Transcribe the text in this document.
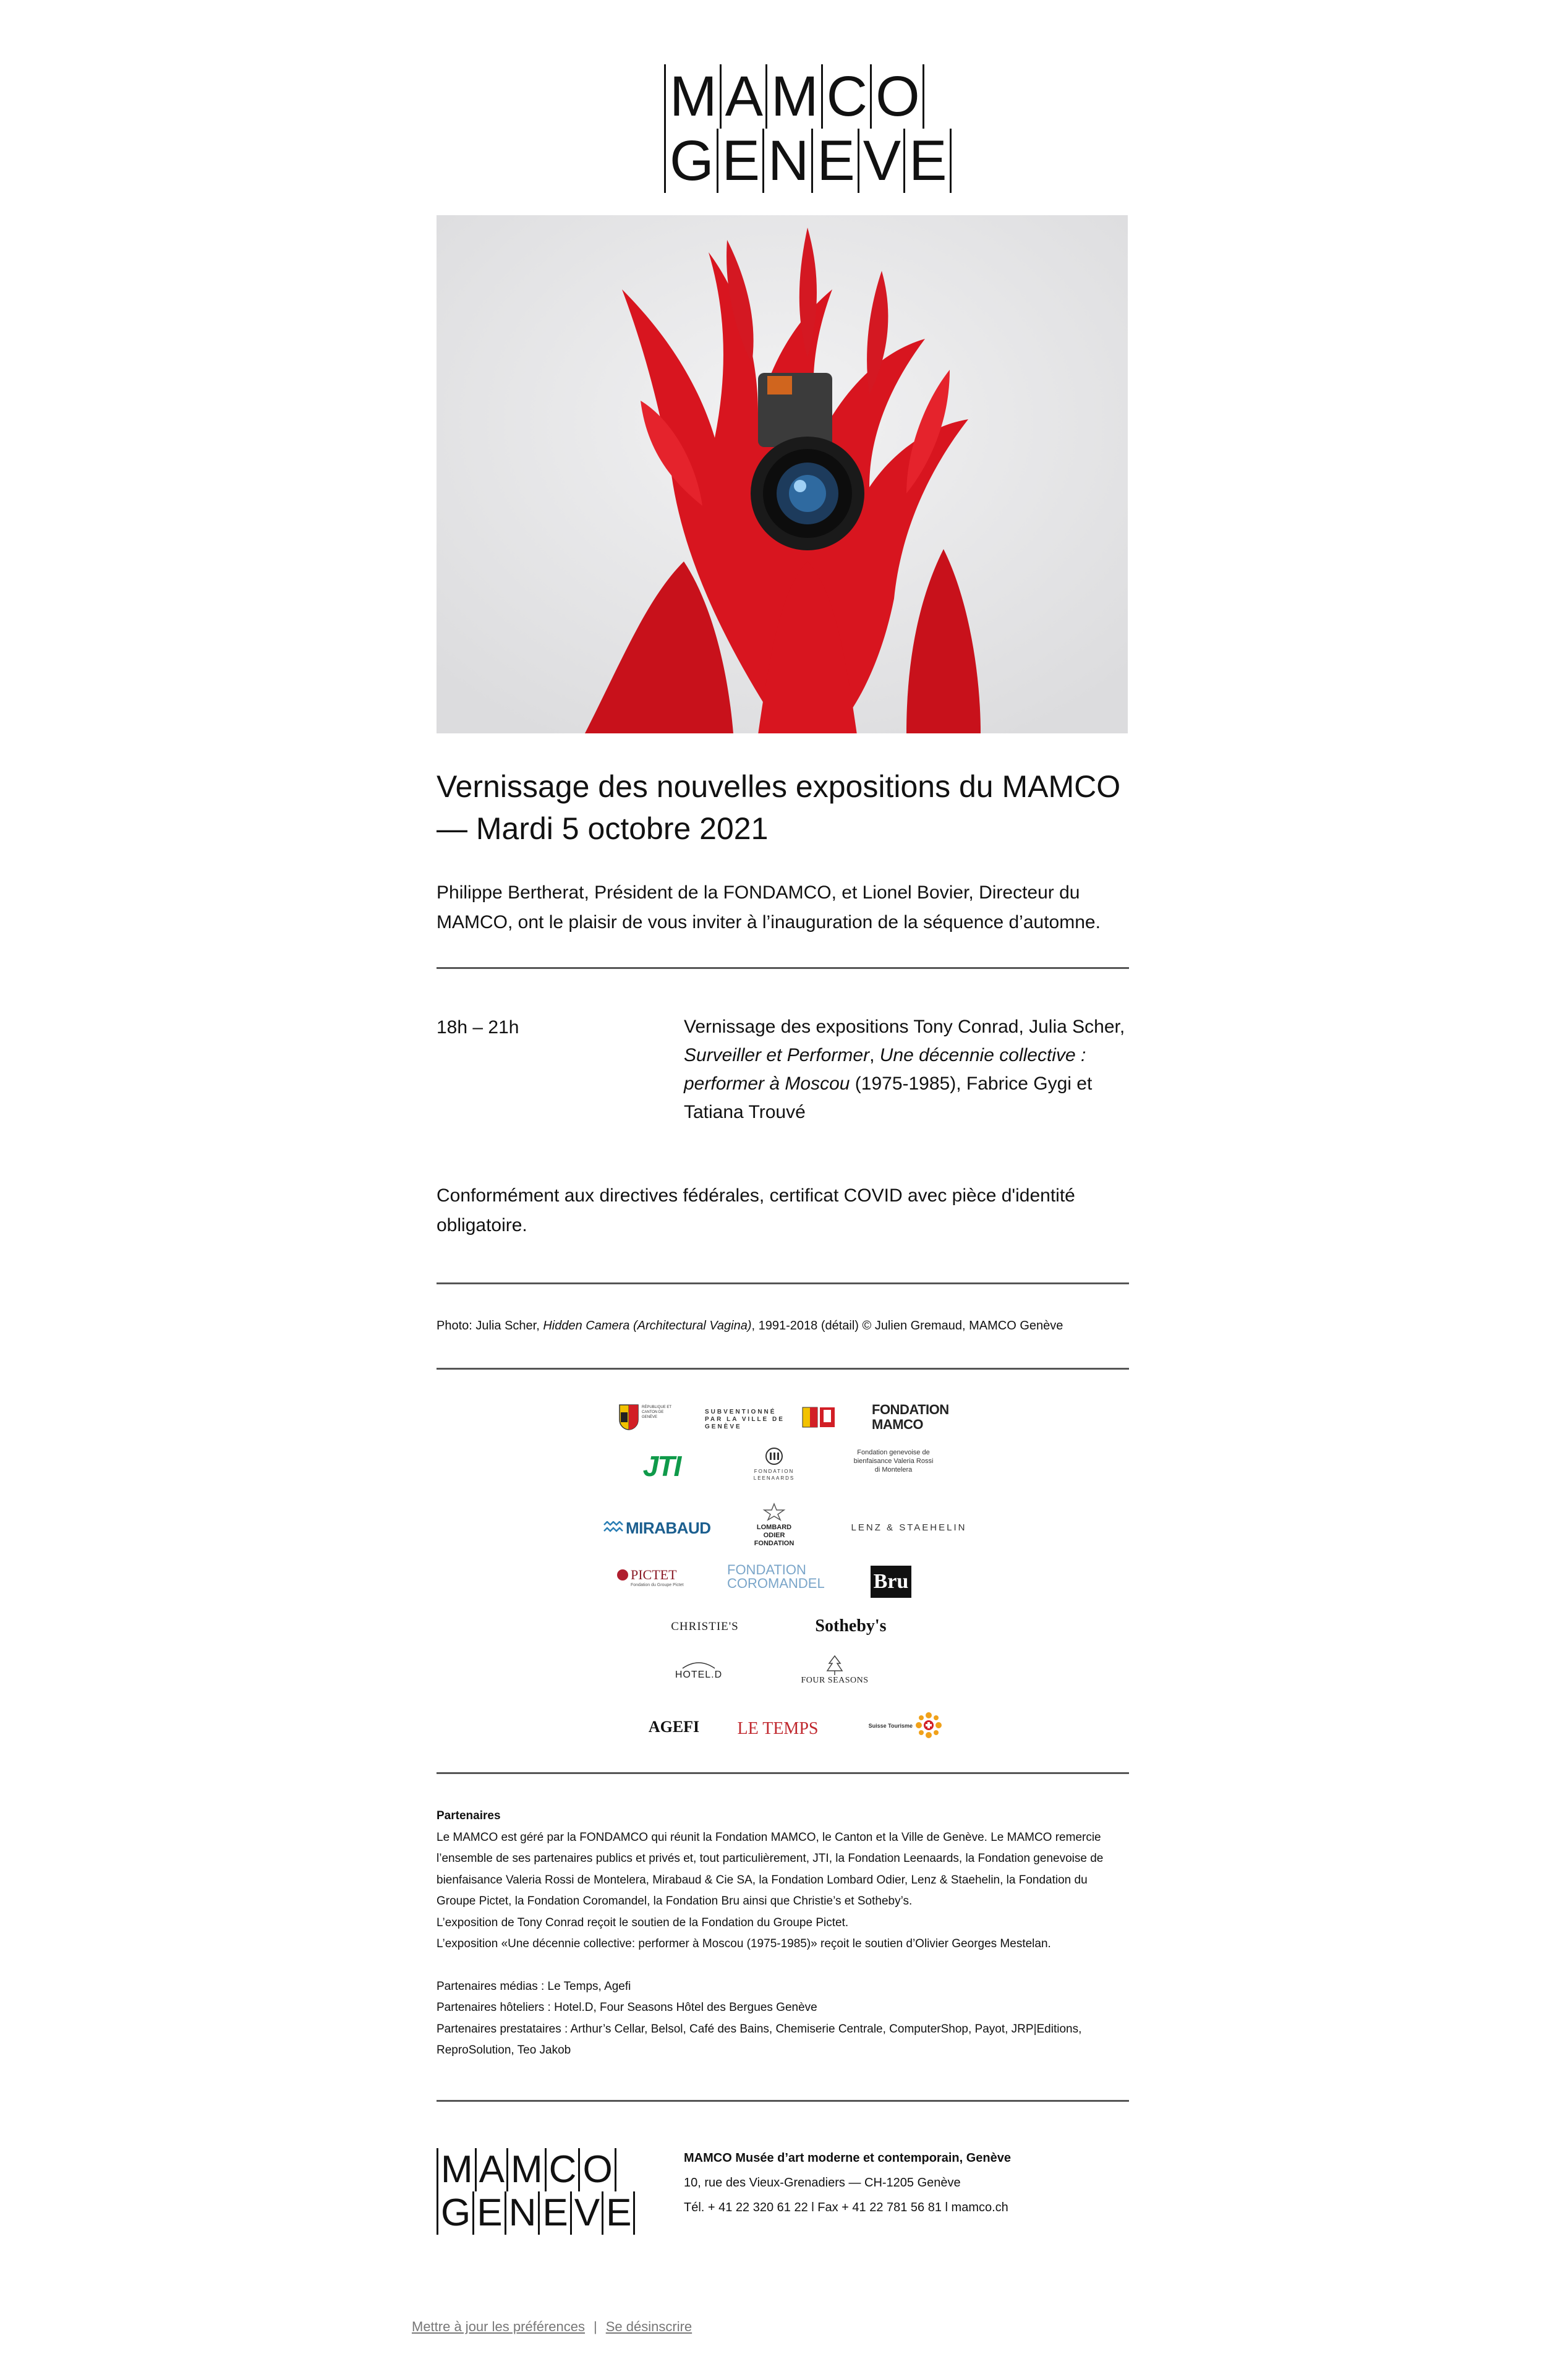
M A M C O
G E N E V E
Vernissage des nouvelles expositions du MAMCO — Mardi 5 octobre 2021
Philippe Bertherat, Président de la FONDAMCO, et Lionel Bovier, Directeur du MAMCO, ont le plaisir de vous inviter à l’inauguration de la séquence d’automne.
18h – 21h	Vernissage des expositions Tony Conrad, Julia Scher, Surveiller et Performer, Une décennie collective : performer à Moscou (1975-1985), Fabrice Gygi et Tatiana Trouvé
Conformément aux directives fédérales, certificat COVID avec pièce d'identité obligatoire.
Photo: Julia Scher, Hidden Camera (Architectural Vagina), 1991-2018 (détail) © Julien Gremaud, MAMCO Genève
RÉPUBLIQUE ET CANTON DE GENÈVE
SUBVENTIONNÉ PAR LA VILLE DE GENÈVE
FONDATION MAMCO
JTI	FONDATION LEENAARDS
Fondation genevoise de bienfaisance Valeria Rossi di Montelera
MIRABAUD	LOMBARD ODIER FONDATION
LENZ & STAEHELIN
PICTET
Fondation du Groupe Pictet
FONDATION COROMANDEL Bru
CHRISTIE'S	Sotheby's
HOTEL.D
FOUR SEASONS
AGEFI	LE TEMPS	Suisse Tourisme
Partenaires
Le MAMCO est géré par la FONDAMCO qui réunit la Fondation MAMCO, le Canton et la Ville de Genève. Le MAMCO remercie l’ensemble de ses partenaires publics et privés et, tout particulièrement, JTI, la Fondation Leenaards, la Fondation genevoise de bienfaisance Valeria Rossi de Montelera, Mirabaud & Cie SA, la Fondation Lombard Odier, Lenz & Staehelin, la Fondation du Groupe Pictet, la Fondation Coromandel, la Fondation Bru ainsi que Christie’s et Sotheby’s.
L’exposition de Tony Conrad reçoit le soutien de la Fondation du Groupe Pictet.
L’exposition «Une décennie collective: performer à Moscou (1975-1985)» reçoit le soutien d’Olivier Georges Mestelan.
Partenaires médias : Le Temps, Agefi
Partenaires hôteliers : Hotel.D, Four Seasons Hôtel des Bergues Genève
Partenaires prestataires : Arthur’s Cellar, Belsol, Café des Bains, Chemiserie Centrale, ComputerShop, Payot, JRP|Editions, ReproSolution, Teo Jakob
M A M C O
G E N E V E
MAMCO Musée d’art moderne et contemporain, Genève
10, rue des Vieux-Grenadiers — CH-1205 Genève
Tél. + 41 22 320 61 22 l Fax + 41 22 781 56 81 l mamco.ch
Mettre à jour les préférences | Se désinscrire
